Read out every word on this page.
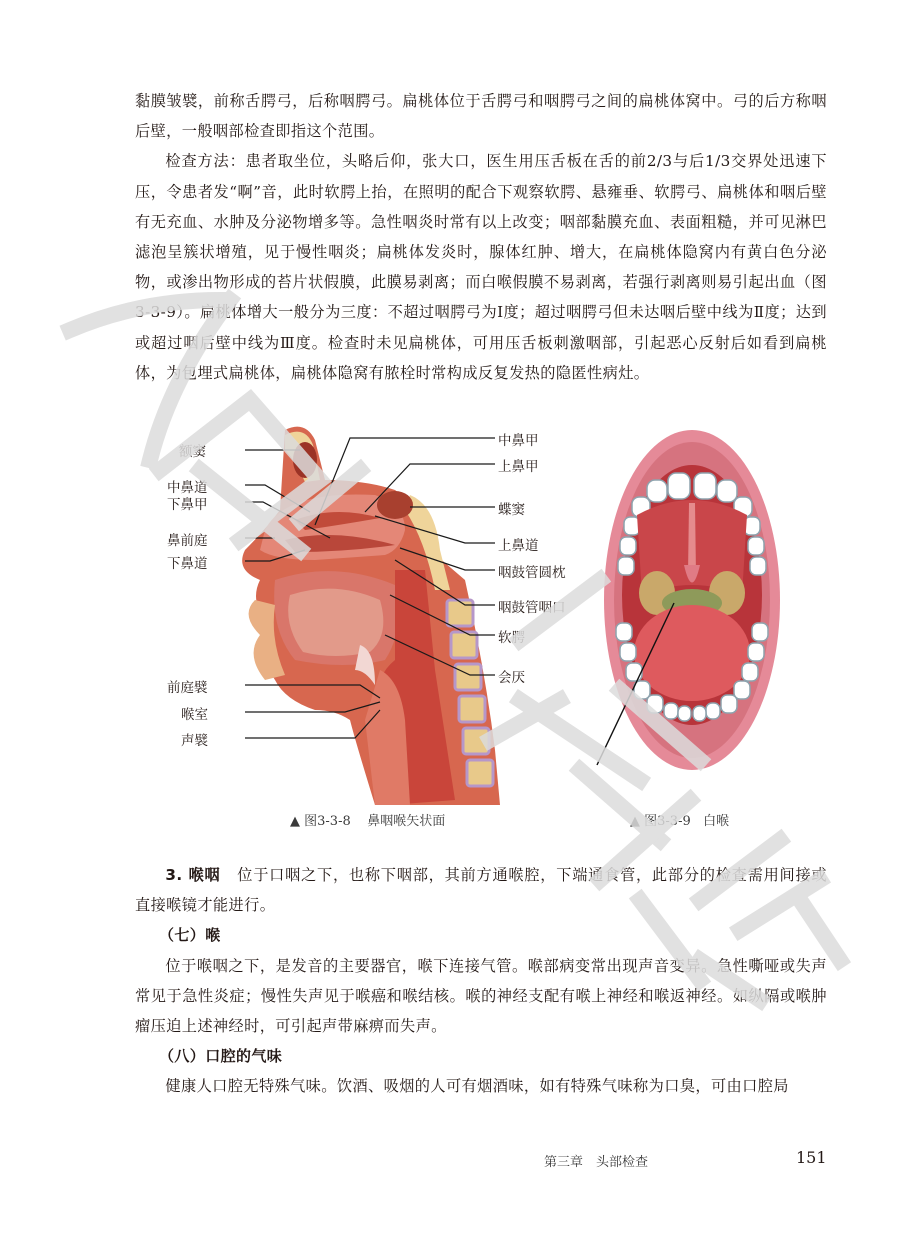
黏膜皱襞，前称舌腭弓，后称咽腭弓。扁桃体位于舌腭弓和咽腭弓之间的扁桃体窝中。弓的后方称咽后壁，一般咽部检查即指这个范围。

检查方法：患者取坐位，头略后仰，张大口，医生用压舌板在舌的前2/3与后1/3交界处迅速下压，令患者发“啊”音，此时软腭上抬，在照明的配合下观察软腭、悬雍垂、软腭弓、扁桃体和咽后壁有无充血、水肿及分泌物增多等。急性咽炎时常有以上改变；咽部黏膜充血、表面粗糙，并可见淋巴滤泡呈簇状增殖，见于慢性咽炎；扁桃体发炎时，腺体红肿、增大，在扁桃体隐窝内有黄白色分泌物，或渗出物形成的苔片状假膜，此膜易剥离；而白喉假膜不易剥离，若强行剥离则易引起出血（图3-3-9）。扁桃体增大一般分为三度：不超过咽腭弓为Ⅰ度；超过咽腭弓但未达咽后壁中线为Ⅱ度；达到或超过咽后壁中线为Ⅲ度。检查时未见扁桃体，可用压舌板刺激咽部，引起恶心反射后如看到扁桃体，为包埋式扁桃体，扁桃体隐窝有脓栓时常构成反复发热的隐匿性病灶。

额窦
中鼻道
下鼻甲
鼻前庭
下鼻道
前庭襞
喉室
声襞
中鼻甲
上鼻甲
蝶窦
上鼻道
咽鼓管圆枕
咽鼓管咽口
软腭
会厌
▲ 图3-3-8 鼻咽喉矢状面	▲ 图3-3-9 白喉

3. 喉咽 位于口咽之下，也称下咽部，其前方通喉腔，下端通食管，此部分的检查需用间接或直接喉镜才能进行。

（七）喉

位于喉咽之下，是发音的主要器官，喉下连接气管。喉部病变常出现声音变异。急性嘶哑或失声常见于急性炎症；慢性失声见于喉癌和喉结核。喉的神经支配有喉上神经和喉返神经。如纵隔或喉肿瘤压迫上述神经时，可引起声带麻痹而失声。

（八）口腔的气味

健康人口腔无特殊气味。饮酒、吸烟的人可有烟酒味，如有特殊气味称为口臭，可由口腔局

第三章　头部检查	151
